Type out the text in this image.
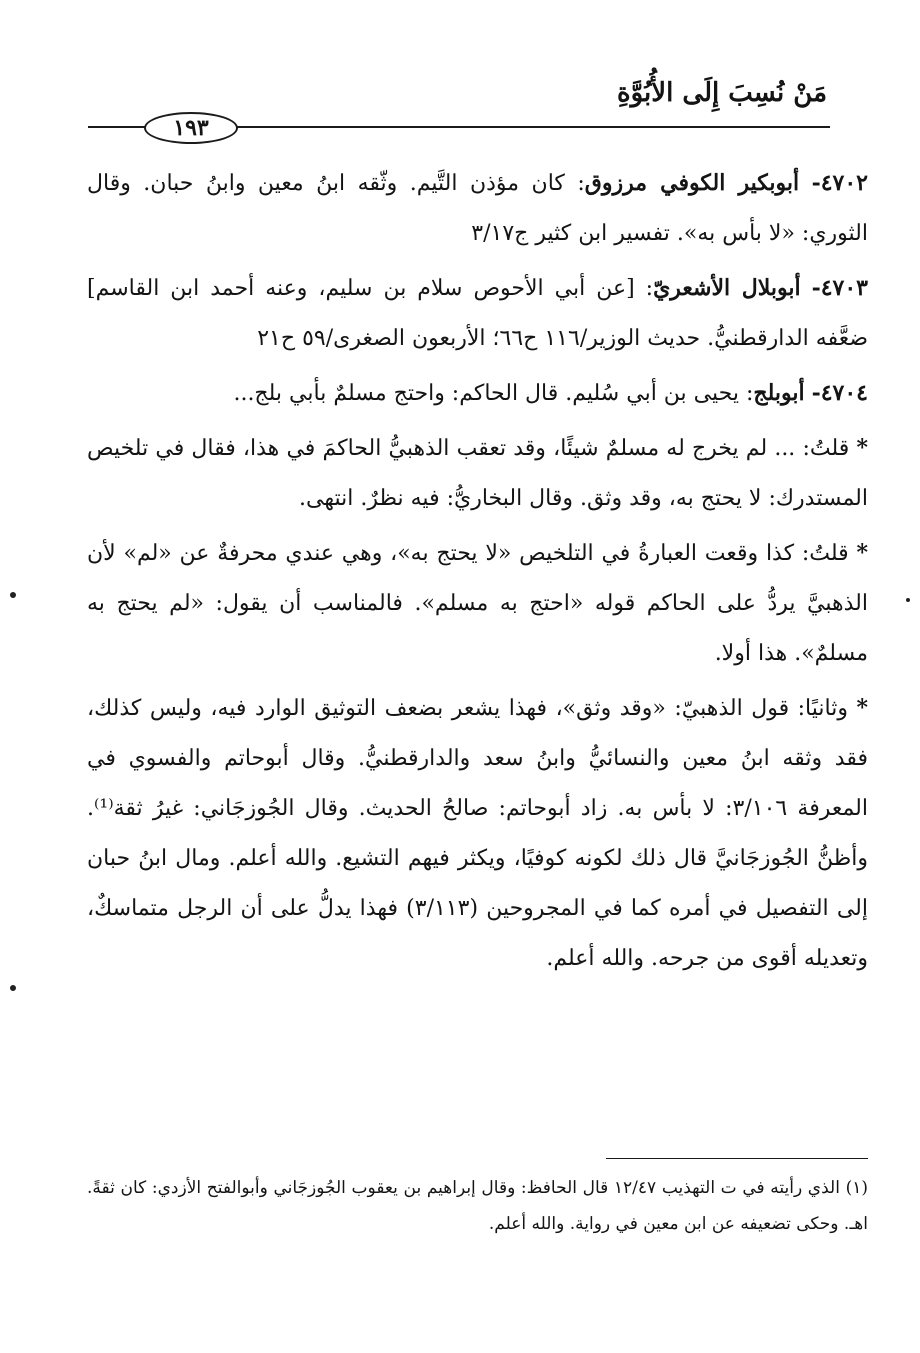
مَنْ نُسِبَ إِلَى الأُبُوَّةِ
١٩٣

٤٧٠٢- أبوبكير الكوفي مرزوق: كان مؤذن التَّيم. وثّقه ابنُ معين وابنُ حبان. وقال الثوري: «لا بأس به». تفسير ابن كثير ج٣/١٧

٤٧٠٣- أبوبلال الأشعريّ: [عن أبي الأحوص سلام بن سليم، وعنه أحمد ابن القاسم] ضعَّفه الدارقطنيُّ. حديث الوزير/١١٦ ح٦٦؛ الأربعون الصغرى/٥٩ ح٢١

٤٧٠٤- أبوبلج: يحيى بن أبي سُليم. قال الحاكم: واحتج مسلمٌ بأبي بلج...

* قلتُ: ... لم يخرج له مسلمٌ شيئًا، وقد تعقب الذهبيُّ الحاكمَ في هذا، فقال في تلخيص المستدرك: لا يحتج به، وقد وثق. وقال البخاريُّ: فيه نظرٌ. انتهى.

* قلتُ: كذا وقعت العبارةُ في التلخيص «لا يحتج به»، وهي عندي محرفةٌ عن «لم» لأن الذهبيَّ يردُّ على الحاكم قوله «احتج به مسلم». فالمناسب أن يقول: «لم يحتج به مسلمٌ». هذا أولا.

* وثانيًا: قول الذهبيّ: «وقد وثق»، فهذا يشعر بضعف التوثيق الوارد فيه، وليس كذلك، فقد وثقه ابنُ معين والنسائيُّ وابنُ سعد والدارقطنيُّ. وقال أبوحاتم والفسوي في المعرفة ٣/١٠٦: لا بأس به. زاد أبوحاتم: صالحُ الحديث. وقال الجُوزجَاني: غيرُ ثقة⁽¹⁾. وأظنُّ الجُوزجَانيَّ قال ذلك لكونه كوفيًا، ويكثر فيهم التشيع. والله أعلم. ومال ابنُ حبان إلى التفصيل في أمره كما في المجروحين (٣/١١٣) فهذا يدلُّ على أن الرجل متماسكٌ، وتعديله أقوى من جرحه. والله أعلم.

(١) الذي رأيته في ت التهذيب ١٢/٤٧ قال الحافظ: وقال إبراهيم بن يعقوب الجُوزجَاني وأبوالفتح الأزدي: كان ثقةً. اهـ. وحكى تضعيفه عن ابن معين في رواية. والله أعلم.
